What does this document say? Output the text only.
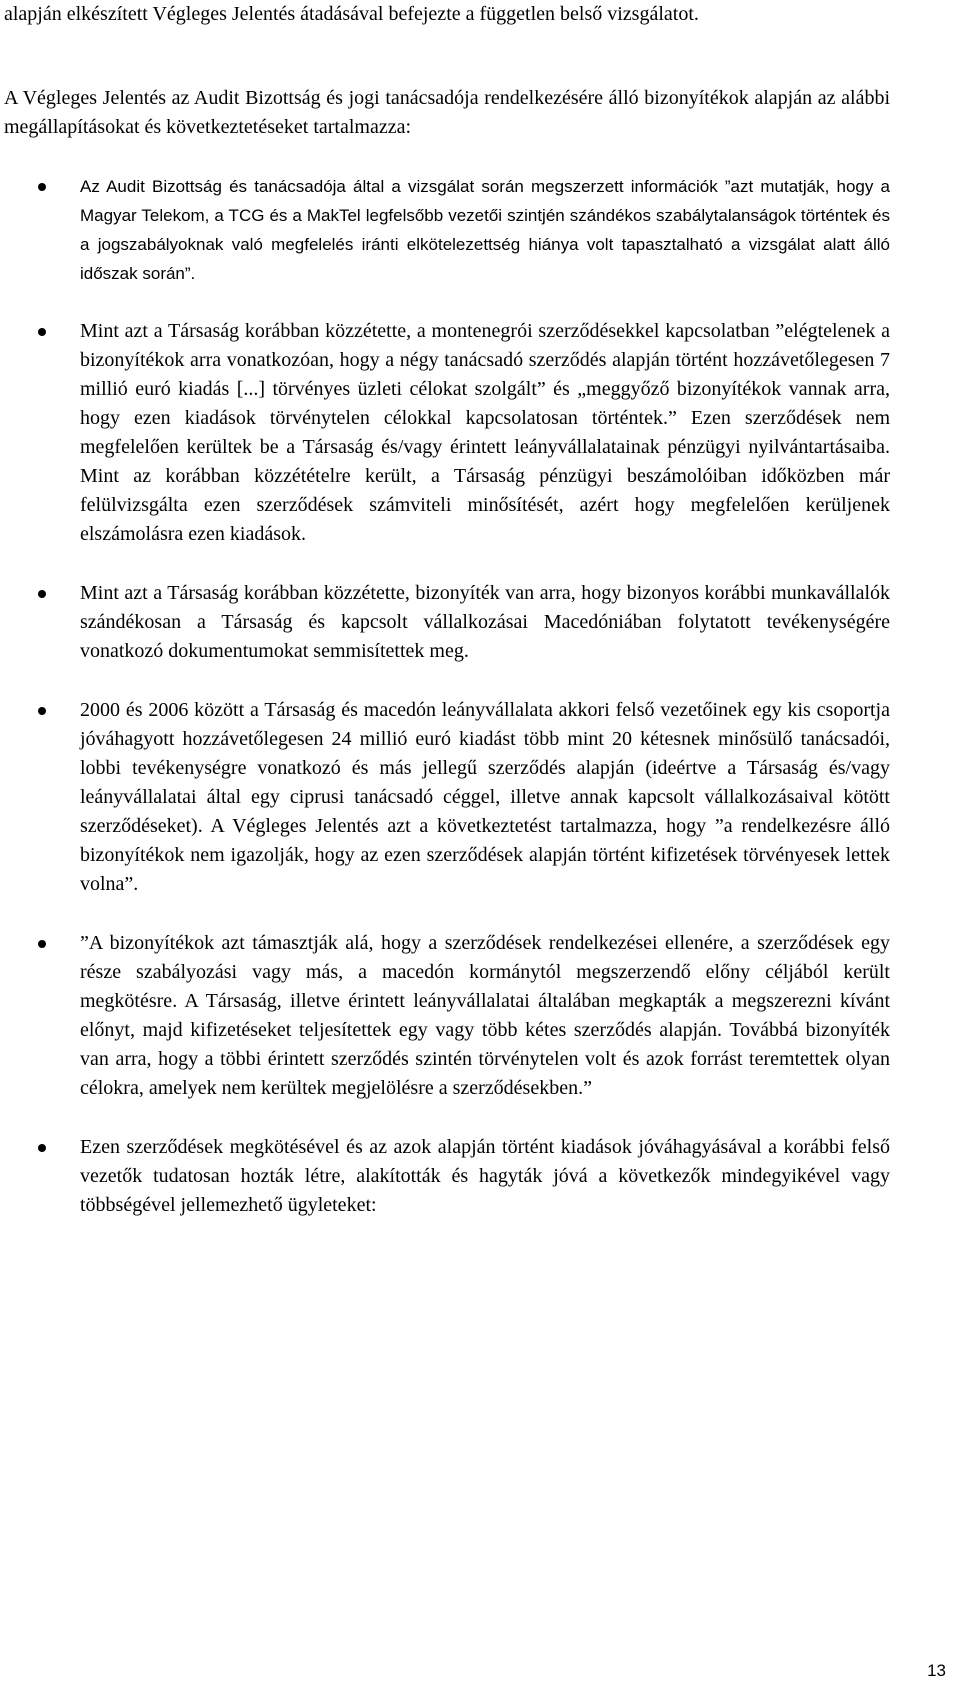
alapján elkészített Végleges Jelentés átadásával befejezte a független belső vizsgálatot.

A Végleges Jelentés az Audit Bizottság és jogi tanácsadója rendelkezésére álló bizonyítékok alapján az alábbi megállapításokat és következtetéseket tartalmazza:

Az Audit Bizottság és tanácsadója által a vizsgálat során megszerzett információk ”azt mutatják, hogy a Magyar Telekom, a TCG és a MakTel legfelsőbb vezetői szintjén szándékos szabálytalanságok történtek és a jogszabályoknak való megfelelés iránti elkötelezettség hiánya volt tapasztalható a vizsgálat alatt álló időszak során”.
Mint azt a Társaság korábban közzétette, a montenegrói szerződésekkel kapcsolatban ”elégtelenek a bizonyítékok arra vonatkozóan, hogy a négy tanácsadó szerződés alapján történt hozzávetőlegesen 7 millió euró kiadás [...] törvényes üzleti célokat szolgált” és „meggyőző bizonyítékok vannak arra, hogy ezen kiadások törvénytelen célokkal kapcsolatosan történtek.” Ezen szerződések nem megfelelően kerültek be a Társaság és/vagy érintett leányvállalatainak pénzügyi nyilvántartásaiba. Mint az korábban közzétételre került, a Társaság pénzügyi beszámolóiban időközben már felülvizsgálta ezen szerződések számviteli minősítését, azért hogy megfelelően kerüljenek elszámolásra ezen kiadások.
Mint azt a Társaság korábban közzétette, bizonyíték van arra, hogy bizonyos korábbi munkavállalók szándékosan a Társaság és kapcsolt vállalkozásai Macedóniában folytatott tevékenységére vonatkozó dokumentumokat semmisítettek meg.
2000 és 2006 között a Társaság és macedón leányvállalata akkori felső vezetőinek egy kis csoportja jóváhagyott hozzávetőlegesen 24 millió euró kiadást több mint 20 kétesnek minősülő tanácsadói, lobbi tevékenységre vonatkozó és más jellegű szerződés alapján (ideértve a Társaság és/vagy leányvállalatai által egy ciprusi tanácsadó céggel, illetve annak kapcsolt vállalkozásaival kötött szerződéseket). A Végleges Jelentés azt a következtetést tartalmazza, hogy ”a rendelkezésre álló bizonyítékok nem igazolják, hogy az ezen szerződések alapján történt kifizetések törvényesek lettek volna”.
”A bizonyítékok azt támasztják alá, hogy a szerződések rendelkezései ellenére, a szerződések egy része szabályozási vagy más, a macedón kormánytól megszerzendő előny céljából került megkötésre. A Társaság, illetve érintett leányvállalatai általában megkapták a megszerezni kívánt előnyt, majd kifizetéseket teljesítettek egy vagy több kétes szerződés alapján. Továbbá bizonyíték van arra, hogy a többi érintett szerződés szintén törvénytelen volt és azok forrást teremtettek olyan célokra, amelyek nem kerültek megjelölésre a szerződésekben.”
Ezen szerződések megkötésével és az azok alapján történt kiadások jóváhagyásával a korábbi felső vezetők tudatosan hozták létre, alakították és hagyták jóvá a következők mindegyikével vagy többségével jellemezhető ügyleteket:
13
